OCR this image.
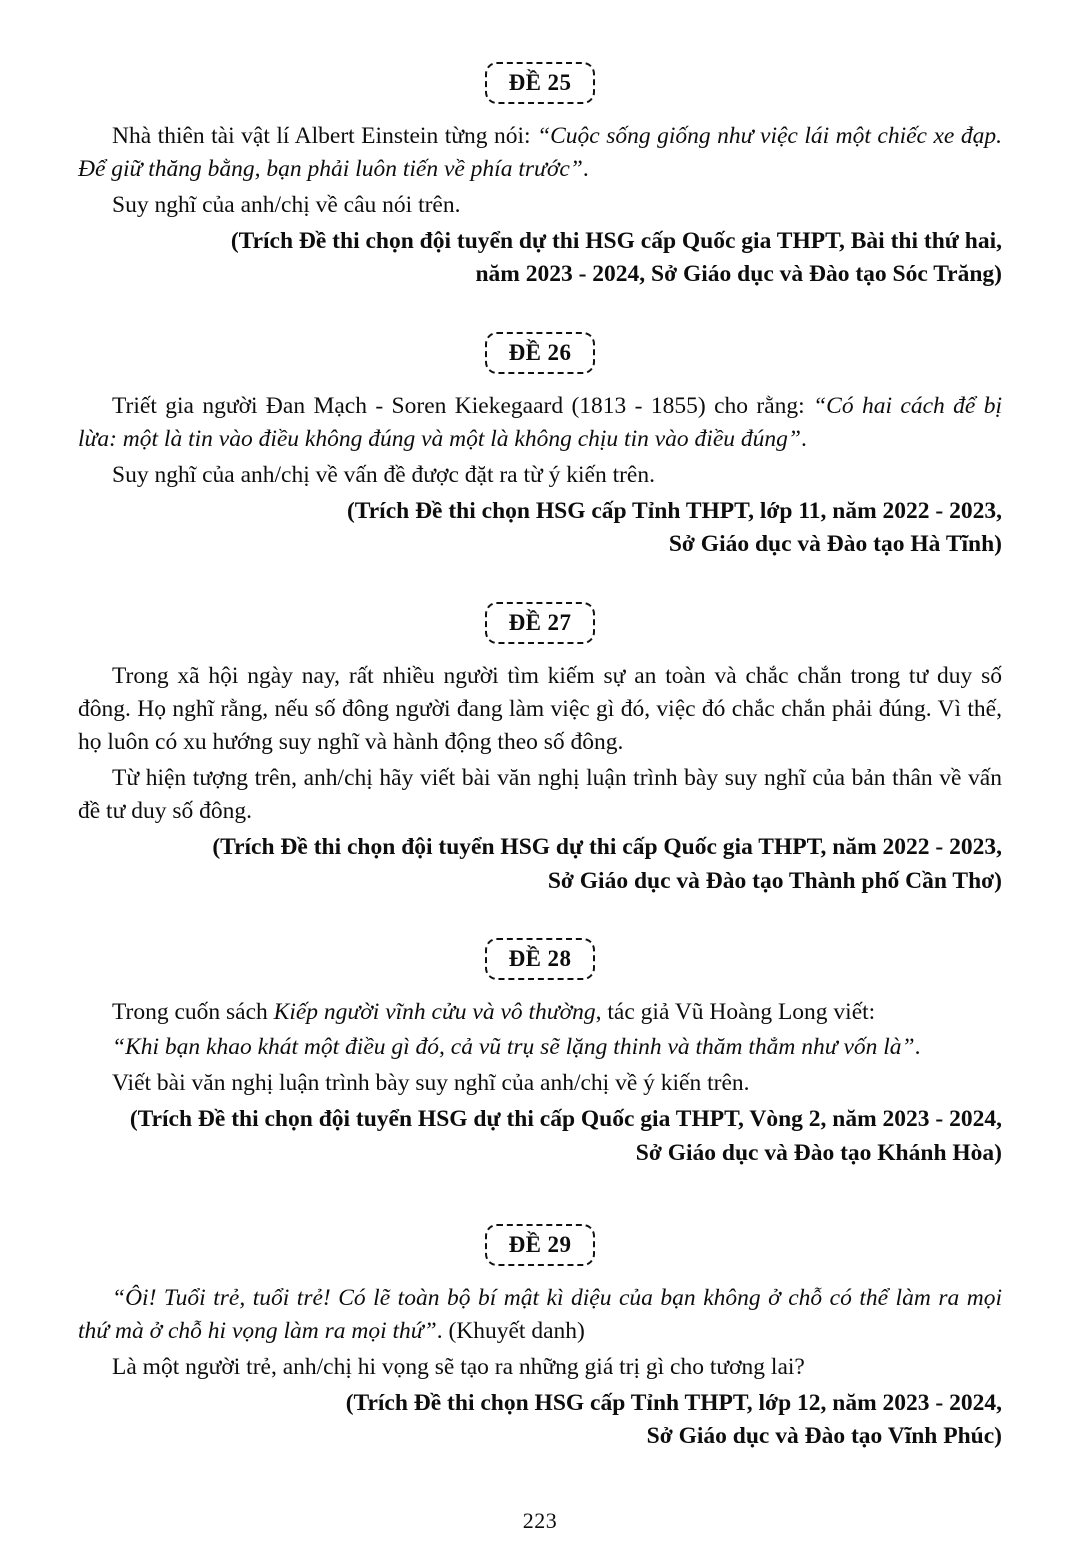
ĐỀ 25

Nhà thiên tài vật lí Albert Einstein từng nói: “Cuộc sống giống như việc lái một chiếc xe đạp. Để giữ thăng bằng, bạn phải luôn tiến về phía trước”.

Suy nghĩ của anh/chị về câu nói trên.

(Trích Đề thi chọn đội tuyển dự thi HSG cấp Quốc gia THPT, Bài thi thứ hai,
năm 2023 - 2024, Sở Giáo dục và Đào tạo Sóc Trăng)
ĐỀ 26

Triết gia người Đan Mạch - Soren Kiekegaard (1813 - 1855) cho rằng: “Có hai cách để bị lừa: một là tin vào điều không đúng và một là không chịu tin vào điều đúng”.

Suy nghĩ của anh/chị về vấn đề được đặt ra từ ý kiến trên.

(Trích Đề thi chọn HSG cấp Tỉnh THPT, lớp 11, năm 2022 - 2023,
Sở Giáo dục và Đào tạo Hà Tĩnh)
ĐỀ 27

Trong xã hội ngày nay, rất nhiều người tìm kiếm sự an toàn và chắc chắn trong tư duy số đông. Họ nghĩ rằng, nếu số đông người đang làm việc gì đó, việc đó chắc chắn phải đúng. Vì thế, họ luôn có xu hướng suy nghĩ và hành động theo số đông.

Từ hiện tượng trên, anh/chị hãy viết bài văn nghị luận trình bày suy nghĩ của bản thân về vấn đề tư duy số đông.

(Trích Đề thi chọn đội tuyển HSG dự thi cấp Quốc gia THPT, năm 2022 - 2023,
Sở Giáo dục và Đào tạo Thành phố Cần Thơ)
ĐỀ 28

Trong cuốn sách Kiếp người vĩnh cửu và vô thường, tác giả Vũ Hoàng Long viết:

“Khi bạn khao khát một điều gì đó, cả vũ trụ sẽ lặng thinh và thăm thẳm như vốn là”.

Viết bài văn nghị luận trình bày suy nghĩ của anh/chị về ý kiến trên.

(Trích Đề thi chọn đội tuyển HSG dự thi cấp Quốc gia THPT, Vòng 2, năm 2023 - 2024,
Sở Giáo dục và Đào tạo Khánh Hòa)
ĐỀ 29

“Ôi! Tuổi trẻ, tuổi trẻ! Có lẽ toàn bộ bí mật kì diệu của bạn không ở chỗ có thể làm ra mọi thứ mà ở chỗ hi vọng làm ra mọi thứ”. (Khuyết danh)

Là một người trẻ, anh/chị hi vọng sẽ tạo ra những giá trị gì cho tương lai?

(Trích Đề thi chọn HSG cấp Tỉnh THPT, lớp 12, năm 2023 - 2024,
Sở Giáo dục và Đào tạo Vĩnh Phúc)
223
